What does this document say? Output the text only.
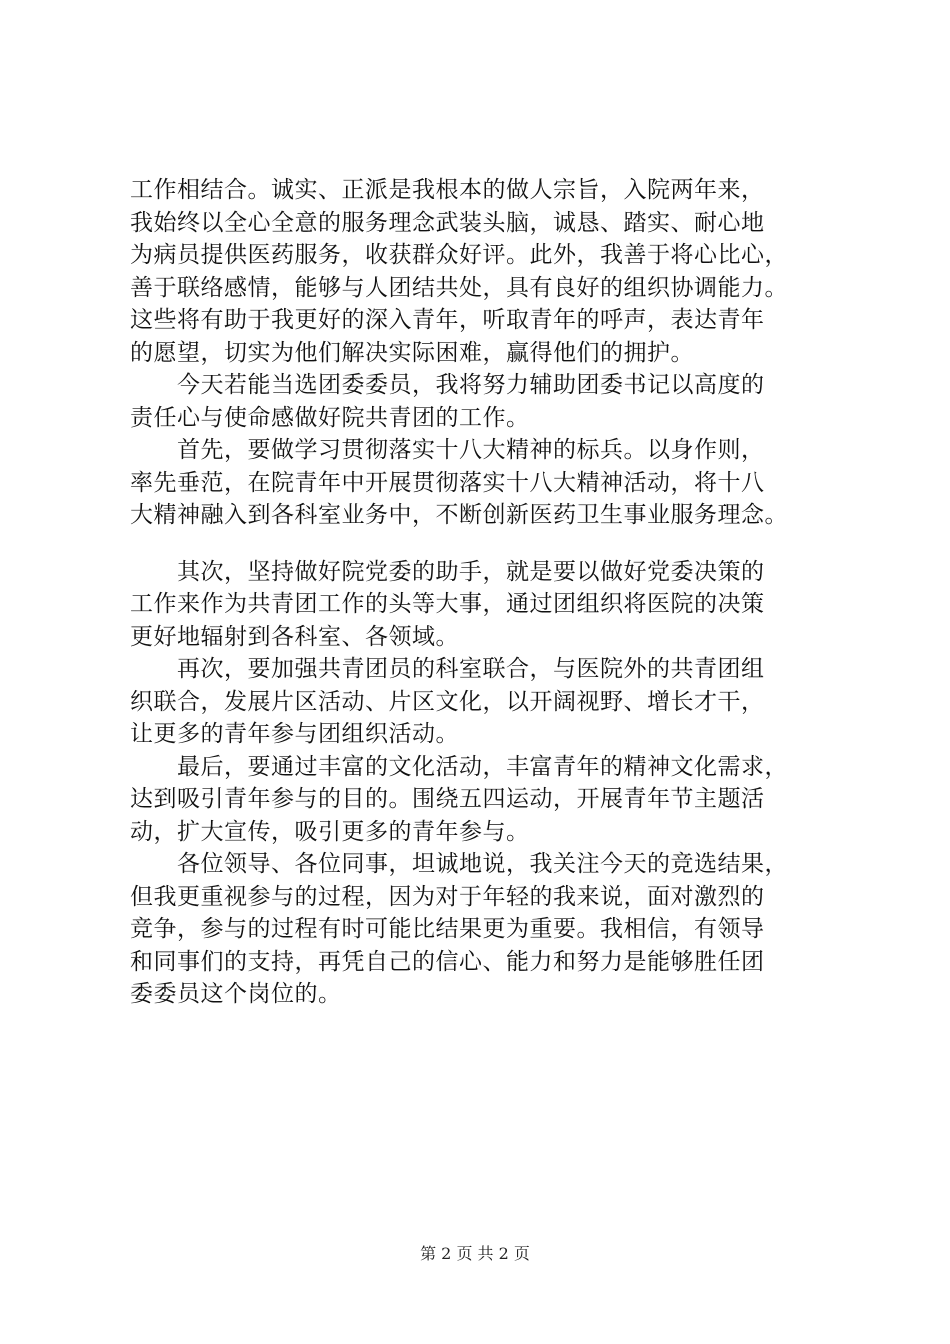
工作相结合。诚实、正派是我根本的做人宗旨，入院两年来，
我始终以全心全意的服务理念武装头脑，诚恳、踏实、耐心地
为病员提供医药服务，收获群众好评。此外，我善于将心比心，
善于联络感情，能够与人团结共处，具有良好的组织协调能力。
这些将有助于我更好的深入青年，听取青年的呼声，表达青年
的愿望，切实为他们解决实际困难，赢得他们的拥护。

　　今天若能当选团委委员，我将努力辅助团委书记以高度的
责任心与使命感做好院共青团的工作。

　　首先，要做学习贯彻落实十八大精神的标兵。以身作则，
率先垂范，在院青年中开展贯彻落实十八大精神活动，将十八
大精神融入到各科室业务中，不断创新医药卫生事业服务理念。

　　其次，坚持做好院党委的助手，就是要以做好党委决策的
工作来作为共青团工作的头等大事，通过团组织将医院的决策
更好地辐射到各科室、各领域。

　　再次，要加强共青团员的科室联合，与医院外的共青团组
织联合，发展片区活动、片区文化，以开阔视野、增长才干，
让更多的青年参与团组织活动。

　　最后，要通过丰富的文化活动，丰富青年的精神文化需求，
达到吸引青年参与的目的。围绕五四运动，开展青年节主题活
动，扩大宣传，吸引更多的青年参与。

　　各位领导、各位同事，坦诚地说，我关注今天的竞选结果，
但我更重视参与的过程，因为对于年轻的我来说，面对激烈的
竞争，参与的过程有时可能比结果更为重要。我相信，有领导
和同事们的支持，再凭自己的信心、能力和努力是能够胜任团
委委员这个岗位的。

第 2 页 共 2 页
